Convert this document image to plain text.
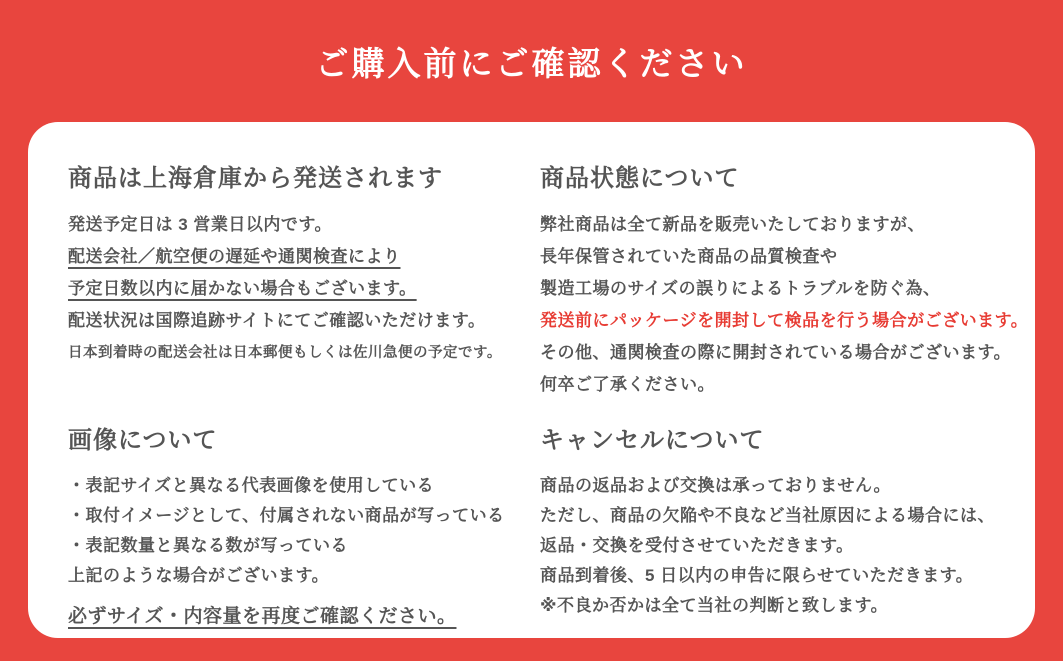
ご購入前にご確認ください
商品は上海倉庫から発送されます

発送予定日は 3 営業日以内です。

配送会社／航空便の遅延や通関検査により

予定日数以内に届かない場合もございます。

配送状況は国際追跡サイトにてご確認いただけます。

日本到着時の配送会社は日本郵便もしくは佐川急便の予定です。

商品状態について

弊社商品は全て新品を販売いたしておりますが、

長年保管されていた商品の品質検査や

製造工場のサイズの誤りによるトラブルを防ぐ為、

発送前にパッケージを開封して検品を行う場合がございます。

その他、通関検査の際に開封されている場合がございます。

何卒ご了承ください。

画像について

・表記サイズと異なる代表画像を使用している

・取付イメージとして、付属されない商品が写っている

・表記数量と異なる数が写っている

上記のような場合がございます。

必ずサイズ・内容量を再度ご確認ください。

キャンセルについて

商品の返品および交換は承っておりません。

ただし、商品の欠陥や不良など当社原因による場合には、

返品・交換を受付させていただきます。

商品到着後、5 日以内の申告に限らせていただきます。

※不良か否かは全て当社の判断と致します。
